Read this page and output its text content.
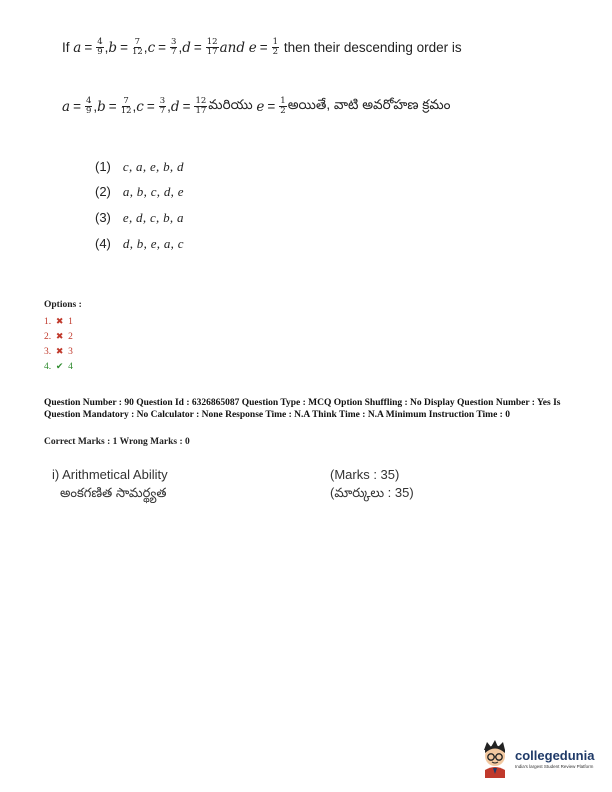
If
$a = \frac{4}{9}$ , $b = \frac{7}{12}$ , $c = \frac{3}{7}$ , $d = \frac{12}{17}$ and
$e = \frac{1}{2}$
then their descending order is
$a = \frac{4}{9}$ , $b = \frac{7}{12}$ , $c = \frac{3}{7}$ , $d = \frac{12}{17}$ మరియు
$e = \frac{1}{2}$ అయితే, వాటి అవరోహణ క్రమం
(1) c, a, e, b, d
(2) a, b, c, d, e
(3) e, d, c, b, a
(4) d, b, e, a, c
Options :
1. ✖ 1
2. ✖ 2
3. ✖ 3
4. ✔ 4
Question Number : 90 Question Id : 6326865087 Question Type : MCQ Option Shuffling : No Display Question Number : Yes Is Question Mandatory : No Calculator : None Response Time : N.A Think Time : N.A Minimum Instruction Time : 0
Correct Marks : 1 Wrong Marks : 0
i) Arithmetical Ability	(Marks : 35)
అంకగణిత సామర్థ్యత	(మార్కులు : 35)
collegedunia
India's largest Student Review Platform
